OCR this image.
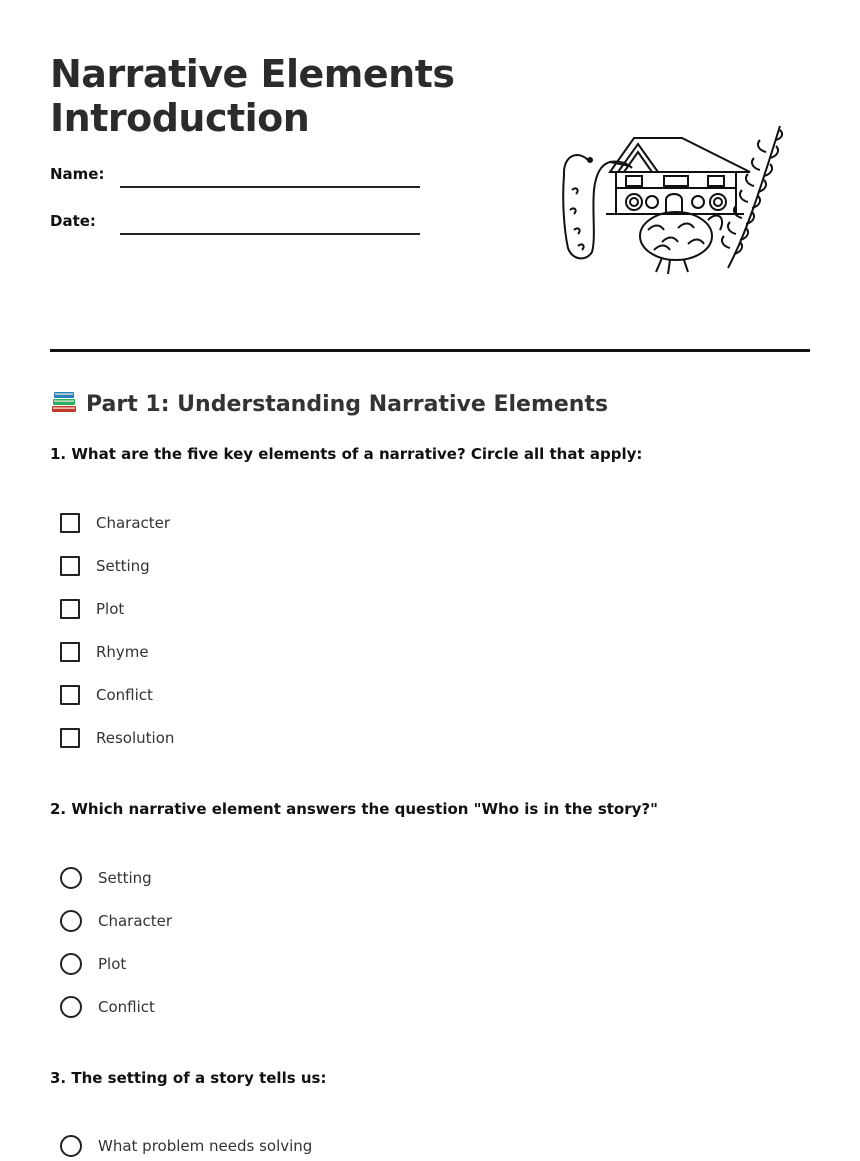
Narrative Elements
Introduction
Name:
Date:
Part 1: Understanding Narrative Elements

1. What are the five key elements of a narrative? Circle all that apply:

Character
Setting
Plot
Rhyme
Conflict
Resolution

2. Which narrative element answers the question "Who is in the story?"

Setting
Character
Plot
Conflict

3. The setting of a story tells us:

What problem needs solving
